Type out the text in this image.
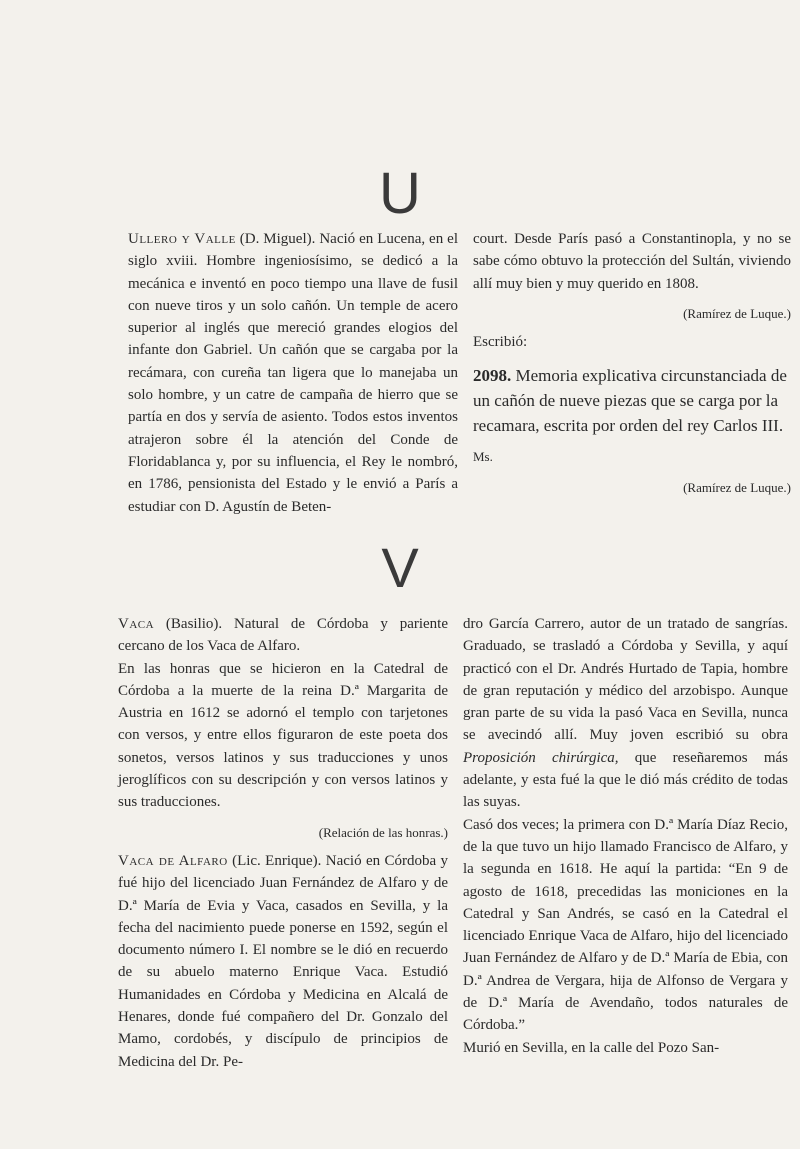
U

Ullero y Valle (D. Miguel). Nació en Lucena, en el siglo xviii. Hombre ingeniosísimo, se dedicó a la mecánica e inventó en poco tiempo una llave de fusil con nueve tiros y un solo cañón. Un temple de acero superior al inglés que mereció grandes elogios del infante don Gabriel. Un cañón que se cargaba por la recámara, con cureña tan ligera que lo manejaba un solo hombre, y un catre de campaña de hierro que se partía en dos y servía de asiento. Todos estos inventos atrajeron sobre él la atención del Conde de Floridablanca y, por su influencia, el Rey le nombró, en 1786, pensionista del Estado y le envió a París a estudiar con D. Agustín de Beten-

court. Desde París pasó a Constantinopla, y no se sabe cómo obtuvo la protección del Sultán, viviendo allí muy bien y muy querido en 1808.

(Ramírez de Luque.)
Escribió:
2098. Memoria explicativa circunstanciada de un cañón de nueve piezas que se carga por la recamara, escrita por orden del rey Carlos III.
Ms.
(Ramírez de Luque.)
V

Vaca (Basilio). Natural de Córdoba y pariente cercano de los Vaca de Alfaro.

En las honras que se hicieron en la Catedral de Córdoba a la muerte de la reina D.ª Margarita de Austria en 1612 se adornó el templo con tarjetones con versos, y entre ellos figuraron de este poeta dos sonetos, versos latinos y sus traducciones y unos jeroglíficos con su descripción y con versos latinos y sus traducciones.

(Relación de las honras.)

Vaca de Alfaro (Lic. Enrique). Nació en Córdoba y fué hijo del licenciado Juan Fernández de Alfaro y de D.ª María de Evia y Vaca, casados en Sevilla, y la fecha del nacimiento puede ponerse en 1592, según el documento número I. El nombre se le dió en recuerdo de su abuelo materno Enrique Vaca. Estudió Humanidades en Córdoba y Medicina en Alcalá de Henares, donde fué compañero del Dr. Gonzalo del Mamo, cordobés, y discípulo de principios de Medicina del Dr. Pe-

dro García Carrero, autor de un tratado de sangrías. Graduado, se trasladó a Córdoba y Sevilla, y aquí practicó con el Dr. Andrés Hurtado de Tapia, hombre de gran reputación y médico del arzobispo. Aunque gran parte de su vida la pasó Vaca en Sevilla, nunca se avecindó allí. Muy joven escribió su obra Proposición chirúrgica, que reseñaremos más adelante, y esta fué la que le dió más crédito de todas las suyas.

Casó dos veces; la primera con D.ª María Díaz Recio, de la que tuvo un hijo llamado Francisco de Alfaro, y la segunda en 1618. He aquí la partida: “En 9 de agosto de 1618, precedidas las moniciones en la Catedral y San Andrés, se casó en la Catedral el licenciado Enrique Vaca de Alfaro, hijo del licenciado Juan Fernández de Alfaro y de D.ª María de Ebia, con D.ª Andrea de Vergara, hija de Alfonso de Vergara y de D.ª María de Avendaño, todos naturales de Córdoba.”

Murió en Sevilla, en la calle del Pozo San-
